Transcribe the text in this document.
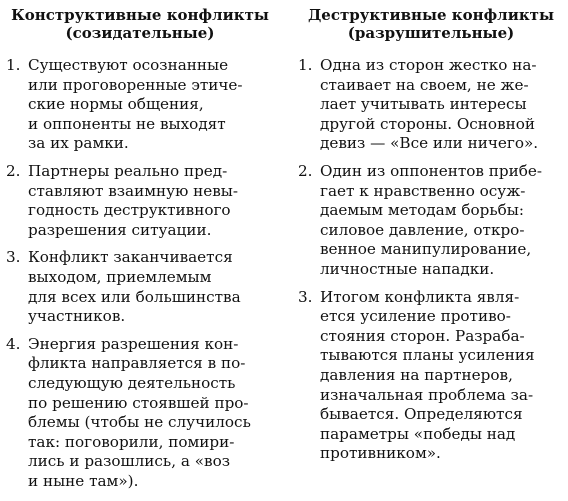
Конструктивные конфликты
(созидательные)
1. Существуют осознанные
или проговоренные этиче-
ские нормы общения,
и оппоненты не выходят
за их рамки.
2. Партнеры реально пред-
ставляют взаимную невы-
годность деструктивного
разрешения ситуации.
3. Конфликт заканчивается
выходом, приемлемым
для всех или большинства
участников.
4. Энергия разрешения кон-
фликта направляется в по-
следующую деятельность
по решению стоявшей про-
блемы (чтобы не случилось
так: поговорили, помири-
лись и разошлись, а «воз
и ныне там»).
Деструктивные конфликты
(разрушительные)
1. Одна из сторон жестко на-
стаивает на своем, не же-
лает учитывать интересы
другой стороны. Основной
девиз — «Все или ничего».
2. Один из оппонентов прибе-
гает к нравственно осуж-
даемым методам борьбы:
силовое давление, откро-
венное манипулирование,
личностные нападки.
3. Итогом конфликта явля-
ется усиление противо-
стояния сторон. Разраба-
тываются планы усиления
давления на партнеров,
изначальная проблема за-
бывается. Определяются
параметры «победы над
противником».
